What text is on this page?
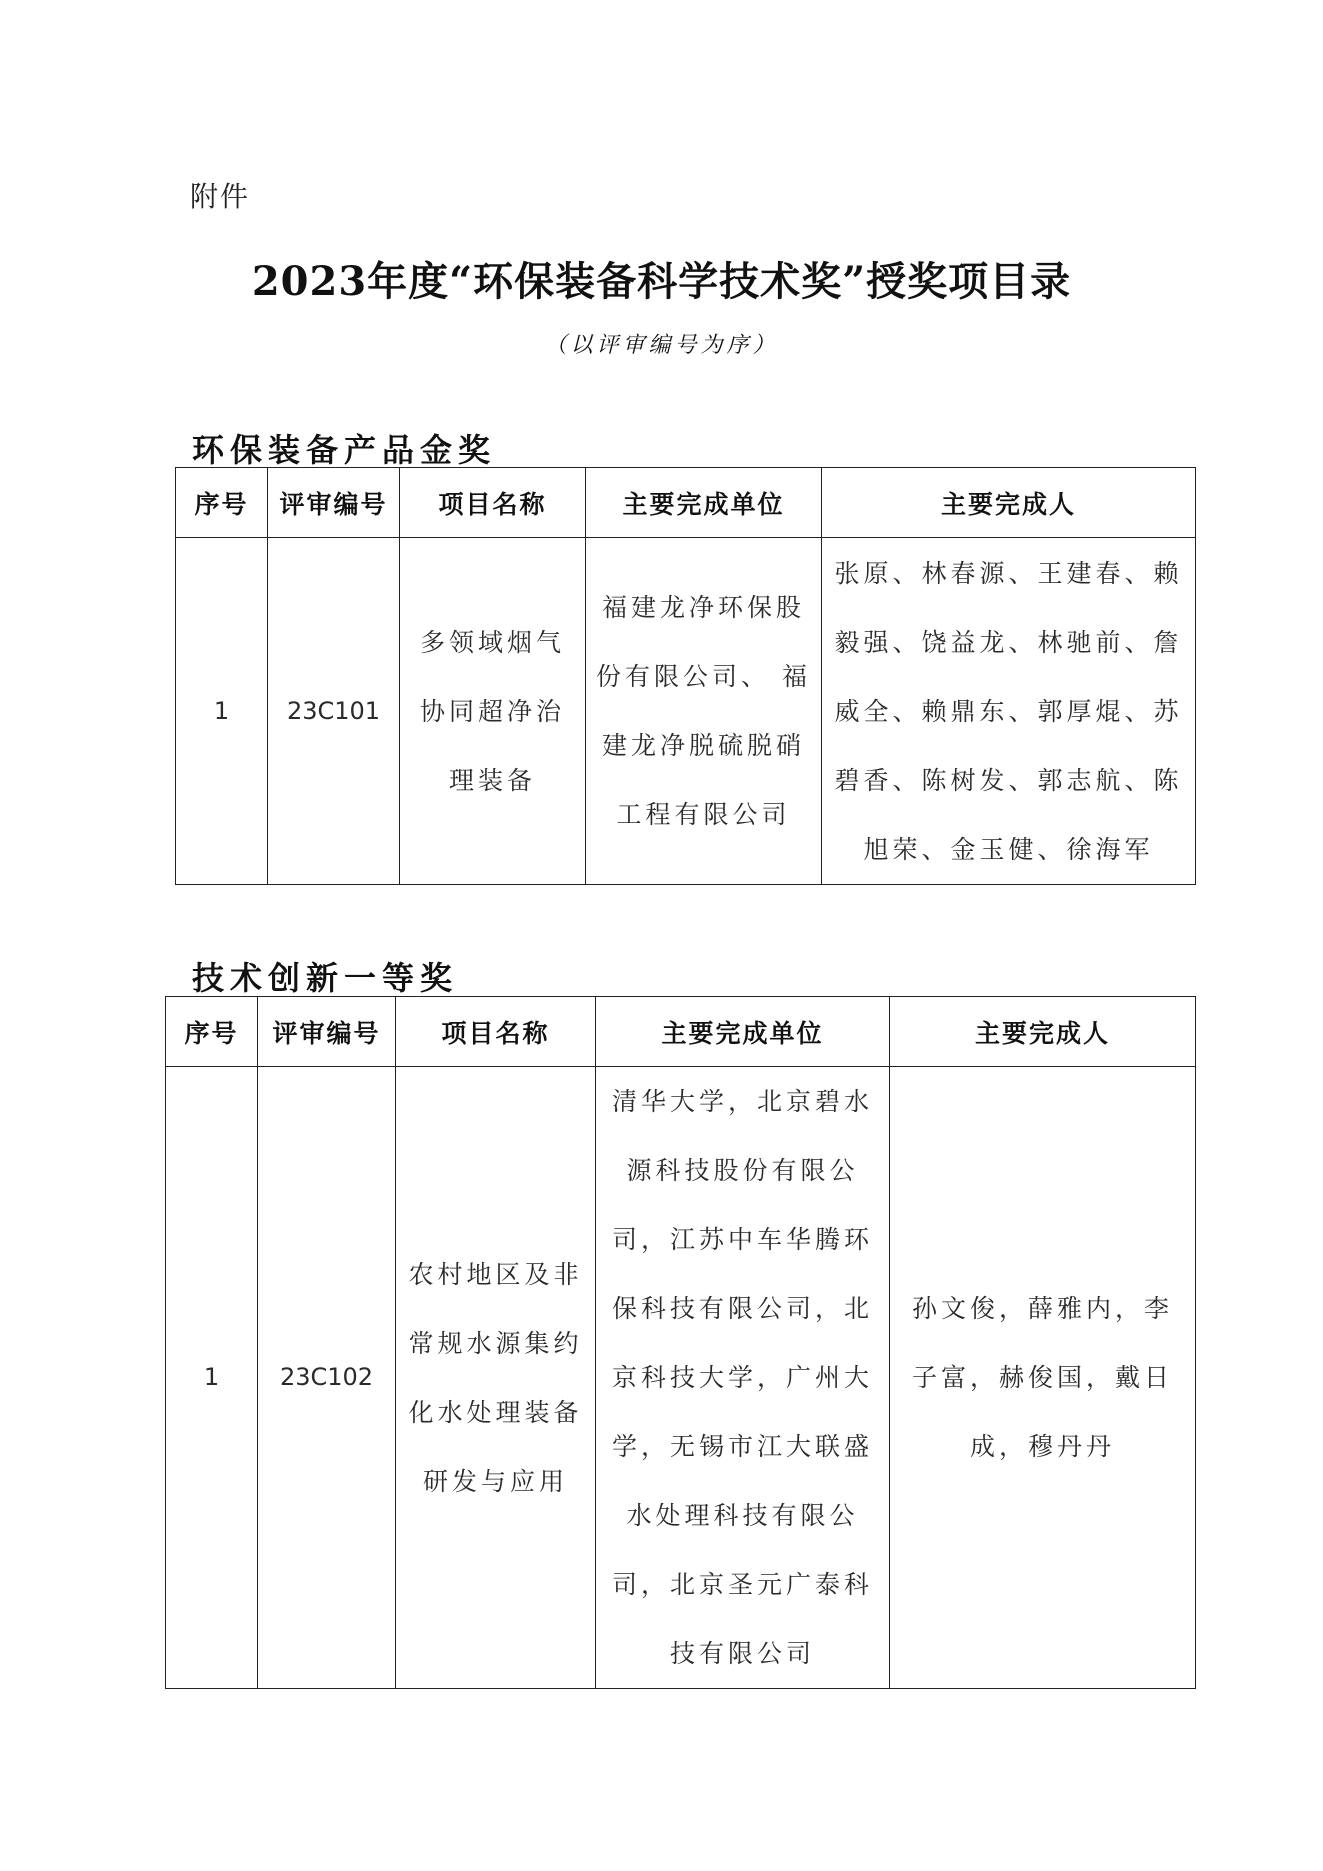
附件
2023年度“环保装备科学技术奖”授奖项目录
（以评审编号为序）
环保装备产品金奖
序号	评审编号	项目名称	主要完成单位	主要完成人
1	23C101	多领域烟气协同超净治理装备	福建龙净环保股份有限公司、 福建龙净脱硫脱硝工程有限公司	张原、林春源、王建春、赖毅强、饶益龙、林驰前、詹威全、赖鼎东、郭厚焜、苏碧香、陈树发、郭志航、陈旭荣、金玉健、徐海军
技术创新一等奖
序号	评审编号	项目名称	主要完成单位	主要完成人
1	23C102	农村地区及非常规水源集约化水处理装备研发与应用	清华大学，北京碧水源科技股份有限公司，江苏中车华腾环保科技有限公司，北京科技大学，广州大学，无锡市江大联盛水处理科技有限公司，北京圣元广泰科技有限公司	孙文俊，薛雅内，李子富，赫俊国，戴日成，穆丹丹
